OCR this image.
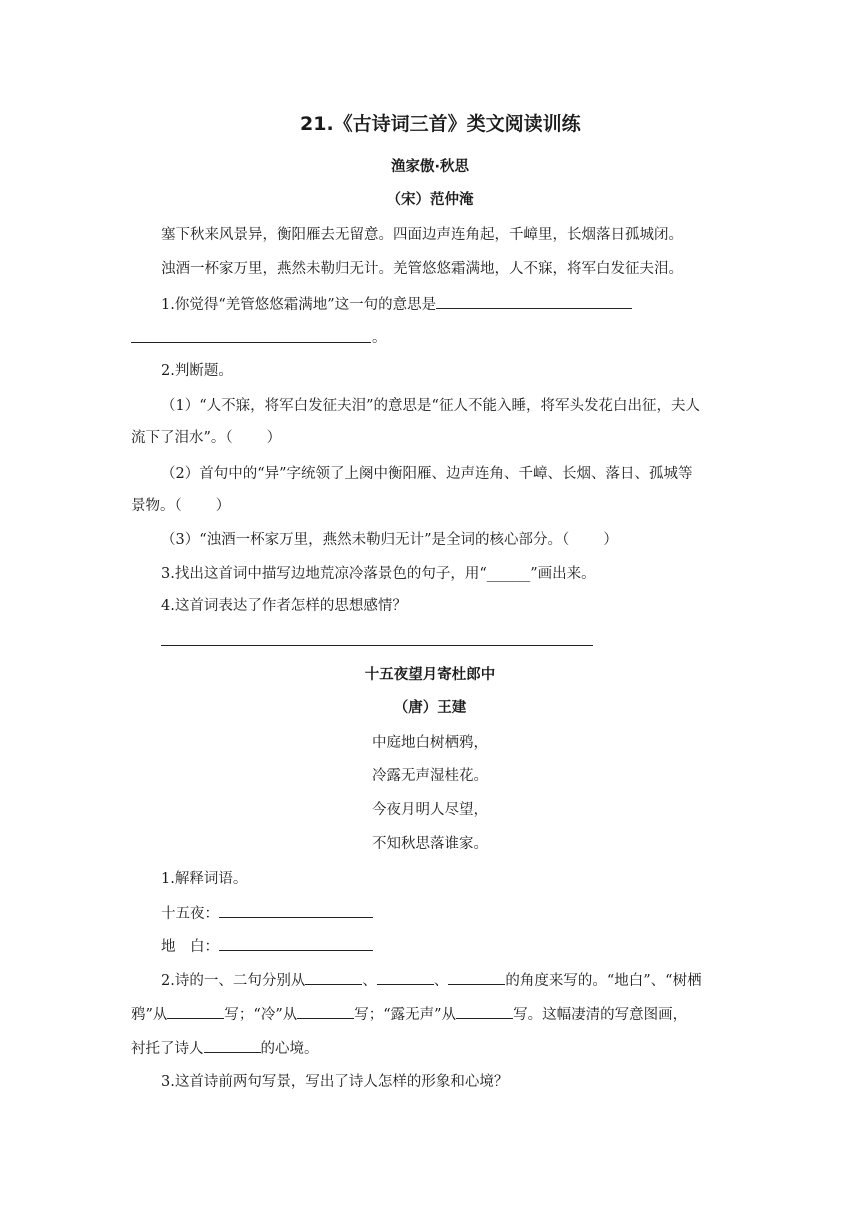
21.《古诗词三首》类文阅读训练
渔家傲·秋思
（宋）范仲淹
塞下秋来风景异，衡阳雁去无留意。四面边声连角起，千嶂里，长烟落日孤城闭。
浊酒一杯家万里，燕然未勒归无计。羌管悠悠霜满地，人不寐，将军白发征夫泪。
1.你觉得“羌管悠悠霜满地”这一句的意思是
。
2.判断题。
（1）“人不寐，将军白发征夫泪”的意思是“征人不能入睡，将军头发花白出征，夫人
流下了泪水”。（ ）
（2）首句中的“异”字统领了上阕中衡阳雁、边声连角、千嶂、长烟、落日、孤城等
景物。（ ）
（3）“浊酒一杯家万里，燕然未勒归无计”是全词的核心部分。（ ）
3.找出这首词中描写边地荒凉冷落景色的句子，用“______”画出来。
4.这首词表达了作者怎样的思想感情？
十五夜望月寄杜郎中
（唐）王建
中庭地白树栖鸦，
冷露无声湿桂花。
今夜月明人尽望，
不知秋思落谁家。
1.解释词语。
十五夜：
地　白：
2.诗的一、二句分别从	、	、	的角度来写的。“地白”、“树栖
鸦”从	写；“冷”从	写；“露无声”从	写。这幅凄清的写意图画，
衬托了诗人	的心境。
3.这首诗前两句写景，写出了诗人怎样的形象和心境？
